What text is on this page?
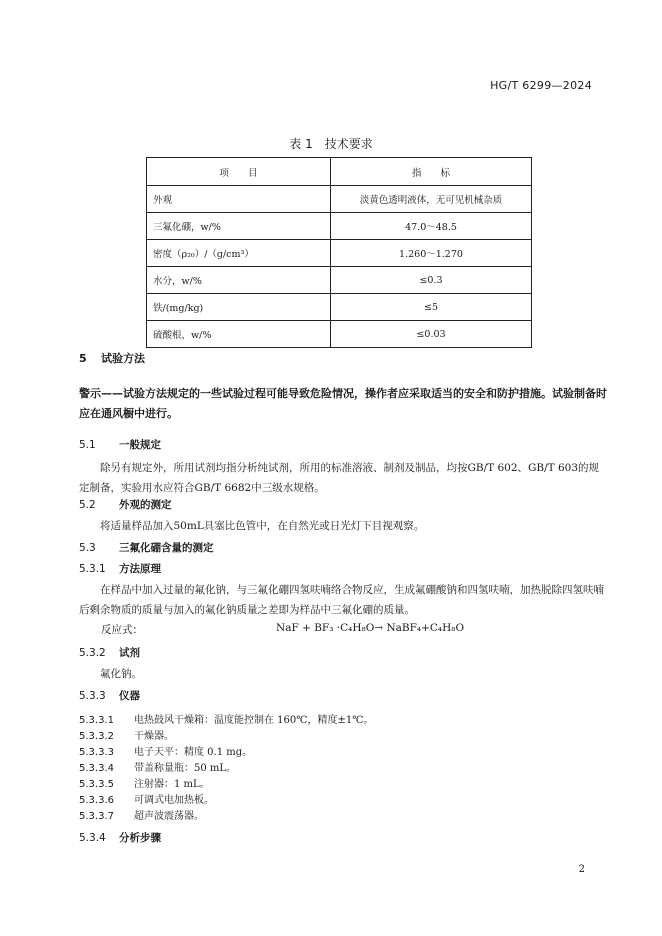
HG/T 6299—2024
表 1　技术要求
项　　目	指　　标
外观	淡黄色透明液体，无可见机械杂质
三氟化硼，w/%	47.0～48.5
密度（ρ₂₀）/（g/cm³）	1.260～1.270
水分，w/%	≤0.3
铁/(mg/kg)	≤5
硫酸根，w/%	≤0.03
5 试验方法
警示——试验方法规定的一些试验过程可能导致危险情况，操作者应采取适当的安全和防护措施。试验制备时应在通风橱中进行。
5.1 一般规定
除另有规定外，所用试剂均指分析纯试剂，所用的标准溶液、制剂及制品，均按GB/T 602、GB/T 603的规定制备，实验用水应符合GB/T 6682中三级水规格。
5.2 外观的测定
将适量样品加入50mL具塞比色管中，在自然光或日光灯下目视观察。
5.3 三氟化硼含量的测定
5.3.1 方法原理
在样品中加入过量的氟化钠，与三氟化硼四氢呋喃络合物反应，生成氟硼酸钠和四氢呋喃，加热脱除四氢呋喃后剩余物质的质量与加入的氟化钠质量之差即为样品中三氟化硼的质量。
反应式：	NaF + BF₃ ·C₄H₈O→ NaBF₄+C₄H₈O
5.3.2 试剂
氟化钠。
5.3.3 仪器
5.3.3.1 电热鼓风干燥箱：温度能控制在 160℃，精度±1℃。
5.3.3.2 干燥器。
5.3.3.3 电子天平：精度 0.1 mg。
5.3.3.4 带盖称量瓶：50 mL。
5.3.3.5 注射器：1 mL。
5.3.3.6 可调式电加热板。
5.3.3.7 超声波震荡器。
5.3.4 分析步骤
2
